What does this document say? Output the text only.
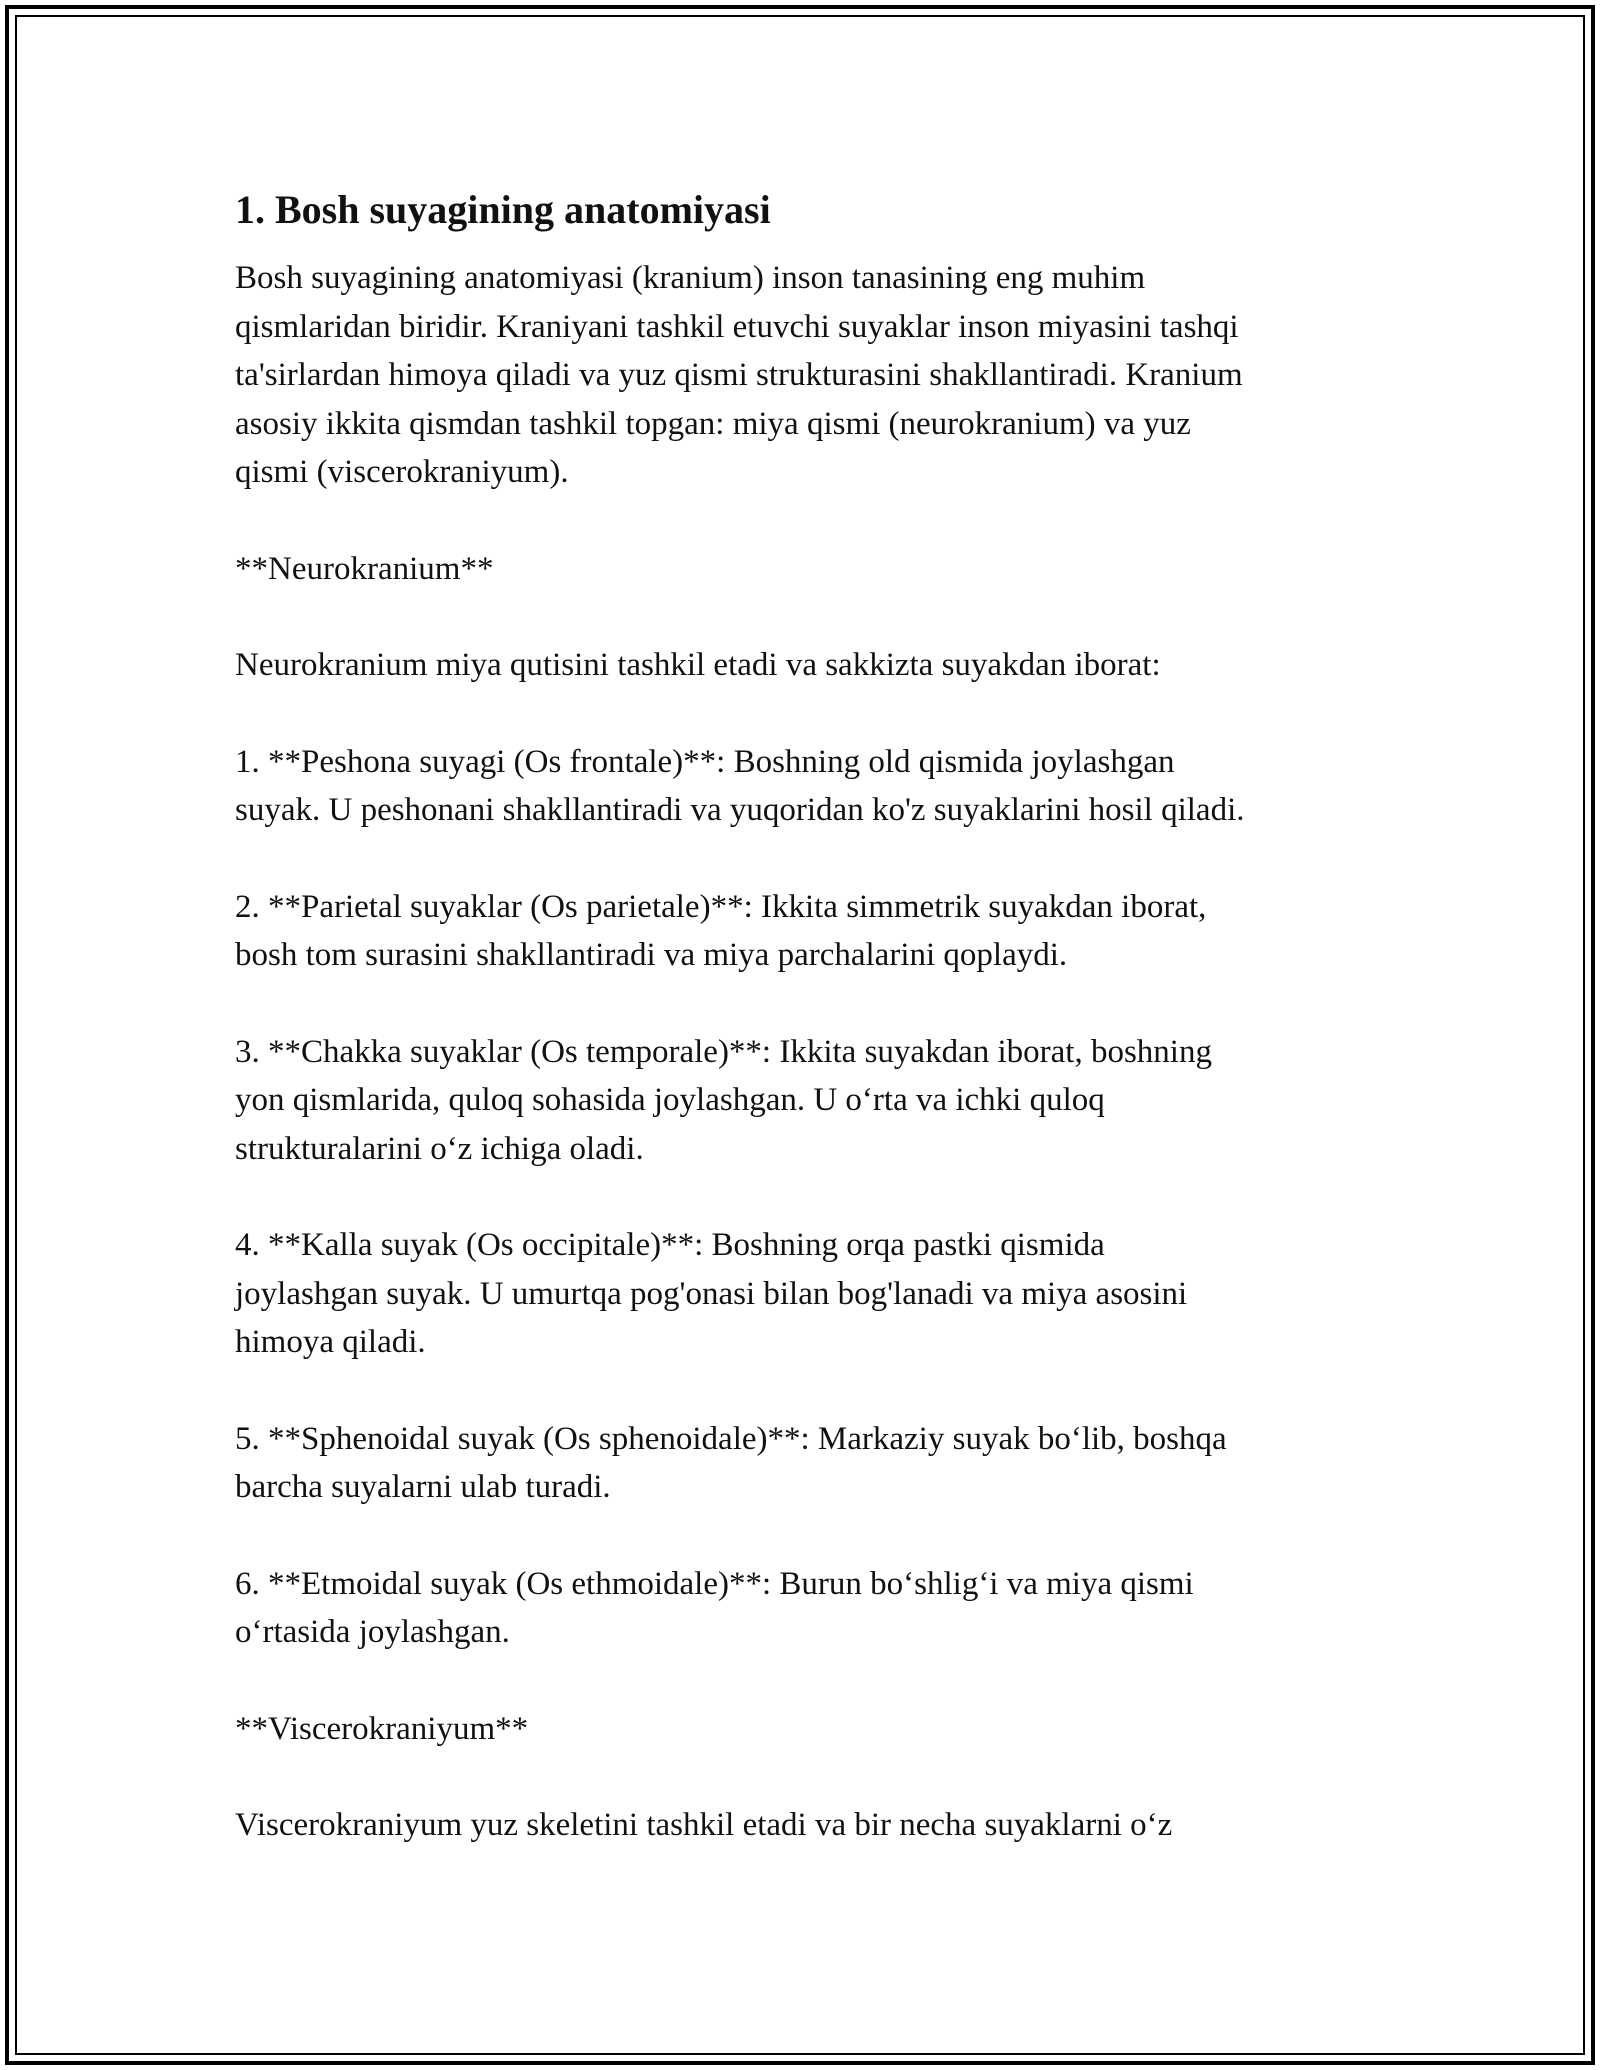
1. Bosh suyagining anatomiyasi
Bosh suyagining anatomiyasi (kranium) inson tanasining eng muhim
qismlaridan biridir. Kraniyani tashkil etuvchi suyaklar inson miyasini tashqi
ta'sirlardan himoya qiladi va yuz qismi strukturasini shakllantiradi. Kranium
asosiy ikkita qismdan tashkil topgan: miya qismi (neurokranium) va yuz
qismi (viscerokraniyum).
**Neurokranium**
Neurokranium miya qutisini tashkil etadi va sakkizta suyakdan iborat:
1. **Peshona suyagi (Os frontale)**: Boshning old qismida joylashgan
suyak. U peshonani shakllantiradi va yuqoridan ko'z suyaklarini hosil qiladi.
2. **Parietal suyaklar (Os parietale)**: Ikkita simmetrik suyakdan iborat,
bosh tom surasini shakllantiradi va miya parchalarini qoplaydi.
3. **Chakka suyaklar (Os temporale)**: Ikkita suyakdan iborat, boshning
yon qismlarida, quloq sohasida joylashgan. U o‘rta va ichki quloq
strukturalarini o‘z ichiga oladi.
4. **Kalla suyak (Os occipitale)**: Boshning orqa pastki qismida
joylashgan suyak. U umurtqa pog'onasi bilan bog'lanadi va miya asosini
himoya qiladi.
5. **Sphenoidal suyak (Os sphenoidale)**: Markaziy suyak bo‘lib, boshqa
barcha suyalarni ulab turadi.
6. **Etmoidal suyak (Os ethmoidale)**: Burun bo‘shlig‘i va miya qismi
o‘rtasida joylashgan.
**Viscerokraniyum**
Viscerokraniyum yuz skeletini tashkil etadi va bir necha suyaklarni o‘z
